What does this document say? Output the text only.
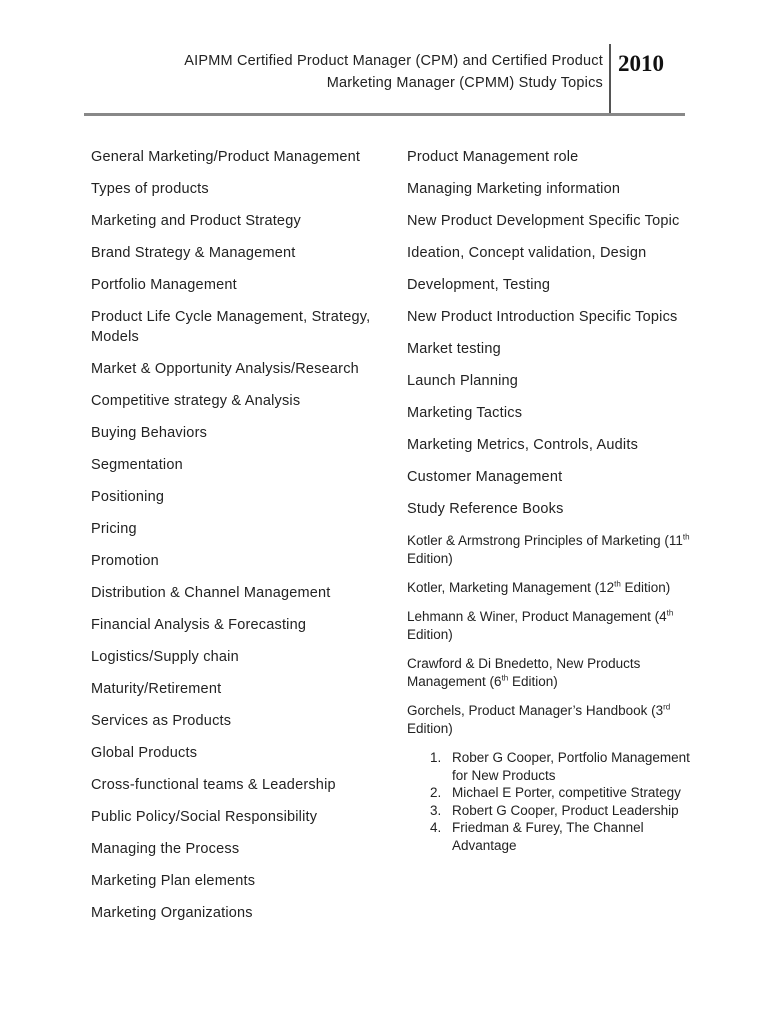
AIPMM Certified Product Manager (CPM) and Certified Product
Marketing Manager (CPMM) Study Topics
2010

General Marketing/Product Management

Types of products

Marketing and Product Strategy

Brand Strategy & Management

Portfolio Management

Product Life Cycle Management, Strategy, Models

Market & Opportunity Analysis/Research

Competitive strategy & Analysis

Buying Behaviors

Segmentation

Positioning

Pricing

Promotion

Distribution & Channel Management

Financial Analysis & Forecasting

Logistics/Supply chain

Maturity/Retirement

Services as Products

Global Products

Cross-functional teams & Leadership

Public Policy/Social Responsibility

Managing the Process

Marketing Plan elements

Marketing Organizations

Product Management role

Managing Marketing information

New Product Development Specific Topic

Ideation, Concept validation, Design

Development, Testing

New Product Introduction Specific Topics

Market testing

Launch Planning

Marketing Tactics

Marketing Metrics, Controls, Audits

Customer Management

Study Reference Books

Kotler & Armstrong Principles of Marketing (11th Edition)

Kotler, Marketing Management (12th Edition)

Lehmann & Winer, Product Management (4th Edition)

Crawford & Di Bnedetto, New Products Management (6th Edition)

Gorchels, Product Manager’s Handbook (3rd Edition)

1. Rober G Cooper, Portfolio Management for New Products
2. Michael E Porter, competitive Strategy
3. Robert G Cooper, Product Leadership
4. Friedman & Furey, The Channel Advantage
